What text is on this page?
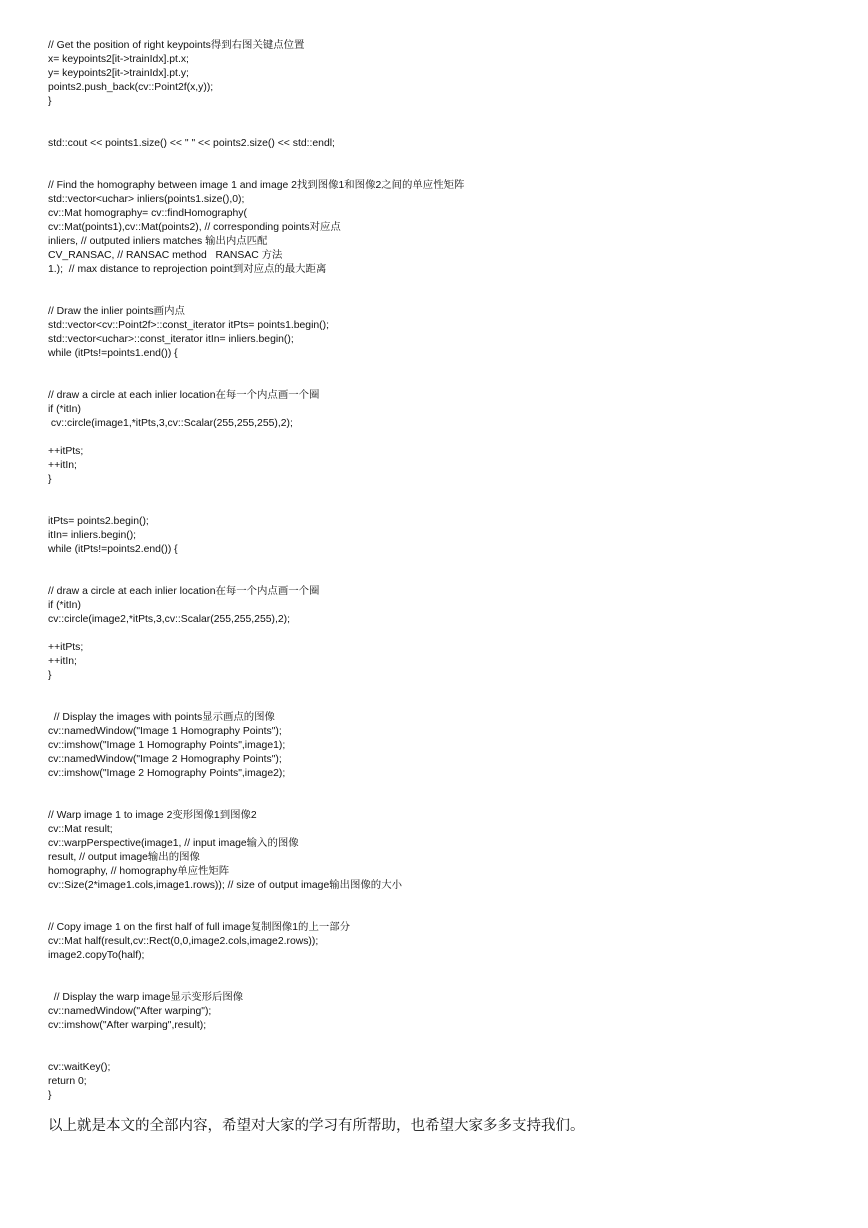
// Get the position of right keypoints得到右图关键点位置
x= keypoints2[it->trainIdx].pt.x;
y= keypoints2[it->trainIdx].pt.y;
points2.push_back(cv::Point2f(x,y));
}
std::cout << points1.size() << " " << points2.size() << std::endl;
// Find the homography between image 1 and image 2找到图像1和图像2之间的单应性矩阵
std::vector<uchar> inliers(points1.size(),0);
cv::Mat homography= cv::findHomography(
cv::Mat(points1),cv::Mat(points2), // corresponding points对应点
inliers, // outputed inliers matches 输出内点匹配
CV_RANSAC, // RANSAC method   RANSAC 方法
1.);  // max distance to reprojection point到对应点的最大距离
// Draw the inlier points画内点
std::vector<cv::Point2f>::const_iterator itPts= points1.begin();
std::vector<uchar>::const_iterator itIn= inliers.begin();
while (itPts!=points1.end()) {
// draw a circle at each inlier location在每一个内点画一个圈
if (*itIn)
cv::circle(image1,*itPts,3,cv::Scalar(255,255,255),2);
++itPts;
++itIn;
}
itPts= points2.begin();
itIn= inliers.begin();
while (itPts!=points2.end()) {
// draw a circle at each inlier location在每一个内点画一个圈
if (*itIn)
cv::circle(image2,*itPts,3,cv::Scalar(255,255,255),2);
++itPts;
++itIn;
}
// Display the images with points显示画点的图像
cv::namedWindow("Image 1 Homography Points");
cv::imshow("Image 1 Homography Points",image1);
cv::namedWindow("Image 2 Homography Points");
cv::imshow("Image 2 Homography Points",image2);
// Warp image 1 to image 2变形图像1到图像2
cv::Mat result;
cv::warpPerspective(image1, // input image输入的图像
result, // output image输出的图像
homography, // homography单应性矩阵
cv::Size(2*image1.cols,image1.rows)); // size of output image输出图像的大小
// Copy image 1 on the first half of full image复制图像1的上一部分
cv::Mat half(result,cv::Rect(0,0,image2.cols,image2.rows));
image2.copyTo(half);
// Display the warp image显示变形后图像
cv::namedWindow("After warping");
cv::imshow("After warping",result);
cv::waitKey();
return 0;
}
以上就是本文的全部内容，希望对大家的学习有所帮助，也希望大家多多支持我们。
